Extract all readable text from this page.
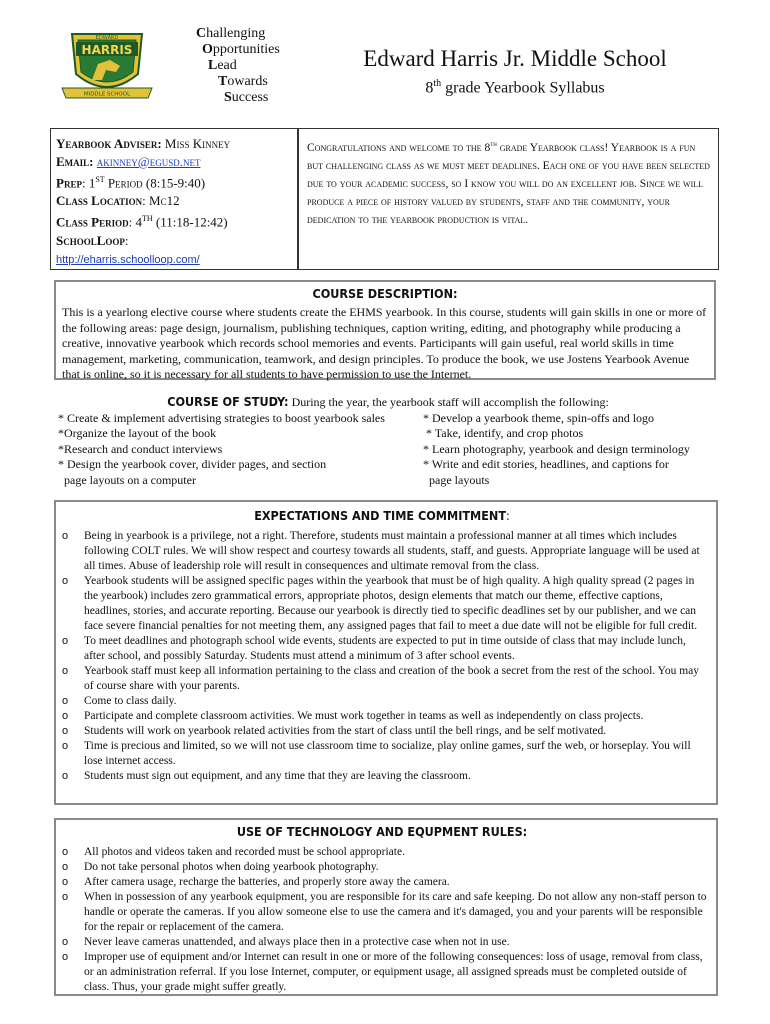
HARRIS
EDWARD
MIDDLE SCHOOL
Challenging
Opportunities
Lead
Towards
Success
Edward Harris Jr. Middle School
8th grade Yearbook Syllabus
Yearbook Adviser: Miss Kinney
Email: akinney@egusd.net
Prep: 1ST Period (8:15-9:40)
Class Location: Mc12
Class Period: 4TH (11:18-12:42)
SchoolLoop:
http://eharris.schoolloop.com/
Congratulations and welcome to the 8th grade Yearbook class! Yearbook is a fun but challenging class as we must meet deadlines. Each one of you have been selected due to your academic success, so I know you will do an excellent job. Since we will produce a piece of history valued by students, staff and the community, your dedication to the yearbook production is vital.
COURSE DESCRIPTION:

This is a yearlong elective course where students create the EHMS yearbook. In this course, students will gain skills in one or more of the following areas: page design, journalism, publishing techniques, caption writing, editing, and photography while producing a creative, innovative yearbook which records school memories and events. Participants will gain useful, real world skills in time management, marketing, communication, teamwork, and design principles. To produce the book, we use Jostens Yearbook Avenue that is online, so it is necessary for all students to have permission to use the Internet.

COURSE OF STUDY: During the year, the yearbook staff will accomplish the following:
* Create & implement advertising strategies to boost yearbook sales
*Organize the layout of the book
*Research and conduct interviews
* Design the yearbook cover, divider pages, and section
page layouts on a computer
* Develop a yearbook theme, spin-offs and logo
* Take, identify, and crop photos
* Learn photography, yearbook and design terminology
* Write and edit stories, headlines, and captions for
page layouts
EXPECTATIONS AND TIME COMMITMENT:
o Being in yearbook is a privilege, not a right. Therefore, students must maintain a professional manner at all times which includes following COLT rules. We will show respect and courtesy towards all students, staff, and guests. Appropriate language will be used at all times. Abuse of leadership role will result in consequences and ultimate removal from the class.
o Yearbook students will be assigned specific pages within the yearbook that must be of high quality. A high quality spread (2 pages in the yearbook) includes zero grammatical errors, appropriate photos, design elements that match our theme, effective captions, headlines, stories, and accurate reporting. Because our yearbook is directly tied to specific deadlines set by our publisher, and we can face severe financial penalties for not meeting them, any assigned pages that fail to meet a due date will not be eligible for full credit.
o To meet deadlines and photograph school wide events, students are expected to put in time outside of class that may include lunch, after school, and possibly Saturday. Students must attend a minimum of 3 after school events.
o Yearbook staff must keep all information pertaining to the class and creation of the book a secret from the rest of the school. You may of course share with your parents.
o Come to class daily.
o Participate and complete classroom activities. We must work together in teams as well as independently on class projects.
o Students will work on yearbook related activities from the start of class until the bell rings, and be self motivated.
o Time is precious and limited, so we will not use classroom time to socialize, play online games, surf the web, or horseplay. You will lose internet access.
o Students must sign out equipment, and any time that they are leaving the classroom.
USE OF TECHNOLOGY AND EQUPMENT RULES:
o All photos and videos taken and recorded must be school appropriate.
o Do not take personal photos when doing yearbook photography.
o After camera usage, recharge the batteries, and properly store away the camera.
o When in possession of any yearbook equipment, you are responsible for its care and safe keeping. Do not allow any non-staff person to handle or operate the cameras. If you allow someone else to use the camera and it's damaged, you and your parents will be responsible for the repair or replacement of the camera.
o Never leave cameras unattended, and always place then in a protective case when not in use.
o Improper use of equipment and/or Internet can result in one or more of the following consequences: loss of usage, removal from class, or an administration referral. If you lose Internet, computer, or equipment usage, all assigned spreads must be completed outside of class. Thus, your grade might suffer greatly.
